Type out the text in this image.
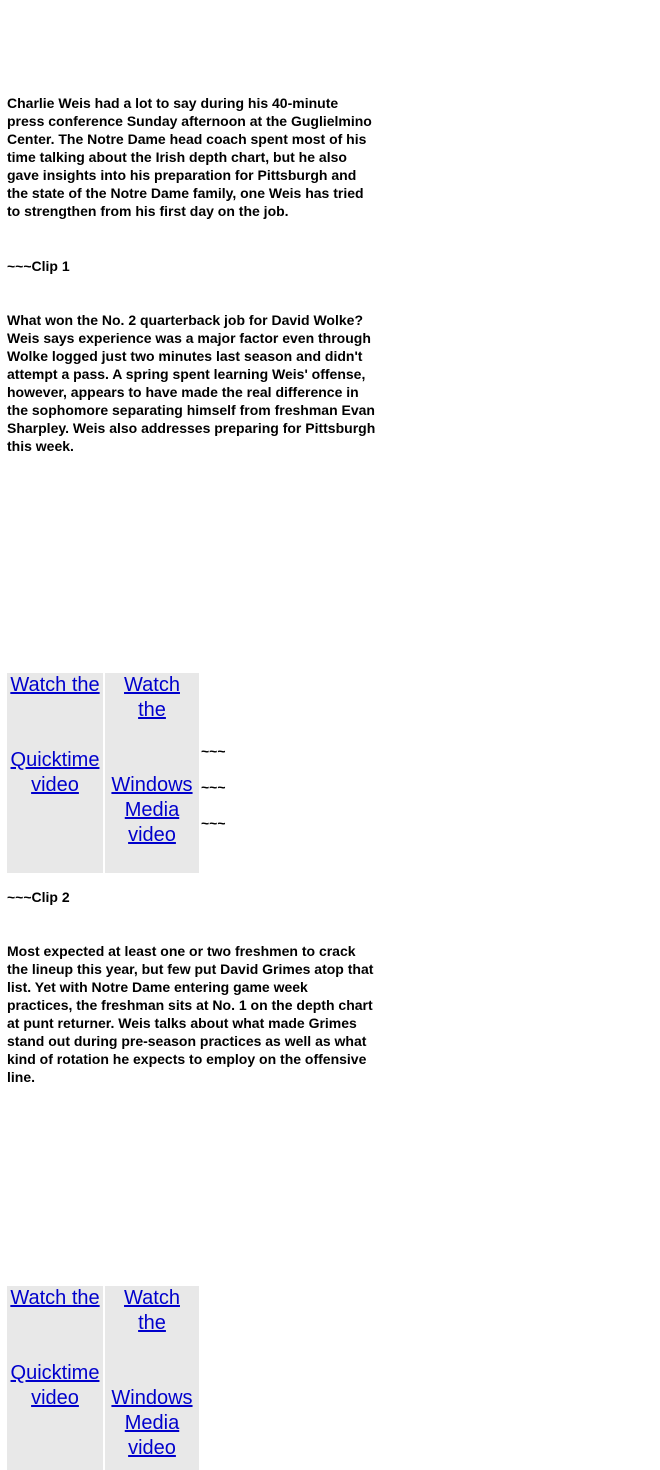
Charlie Weis had a lot to say during his 40-minute press conference Sunday afternoon at the Guglielmino Center. The Notre Dame head coach spent most of his time talking about the Irish depth chart, but he also gave insights into his preparation for Pittsburgh and the state of the Notre Dame family, one Weis has tried to strengthen from his first day on the job.

~~~Clip 1

What won the No. 2 quarterback job for David Wolke? Weis says experience was a major factor even through Wolke logged just two minutes last season and didn't attempt a pass. A spring spent learning Weis' offense, however, appears to have made the real difference in the sophomore separating himself from freshman Evan Sharpley. Weis also addresses preparing for Pittsburgh this week.

Watch the
Quicktime
video

Watch
the
Windows
Media
video

~~~
~~~
~~~

~~~Clip 2

Most expected at least one or two freshmen to crack the lineup this year, but few put David Grimes atop that list. Yet with Notre Dame entering game week practices, the freshman sits at No. 1 on the depth chart at punt returner. Weis talks about what made Grimes stand out during pre-season practices as well as what kind of rotation he expects to employ on the offensive line.

Watch the
Quicktime
video

Watch
the
Windows
Media
video
